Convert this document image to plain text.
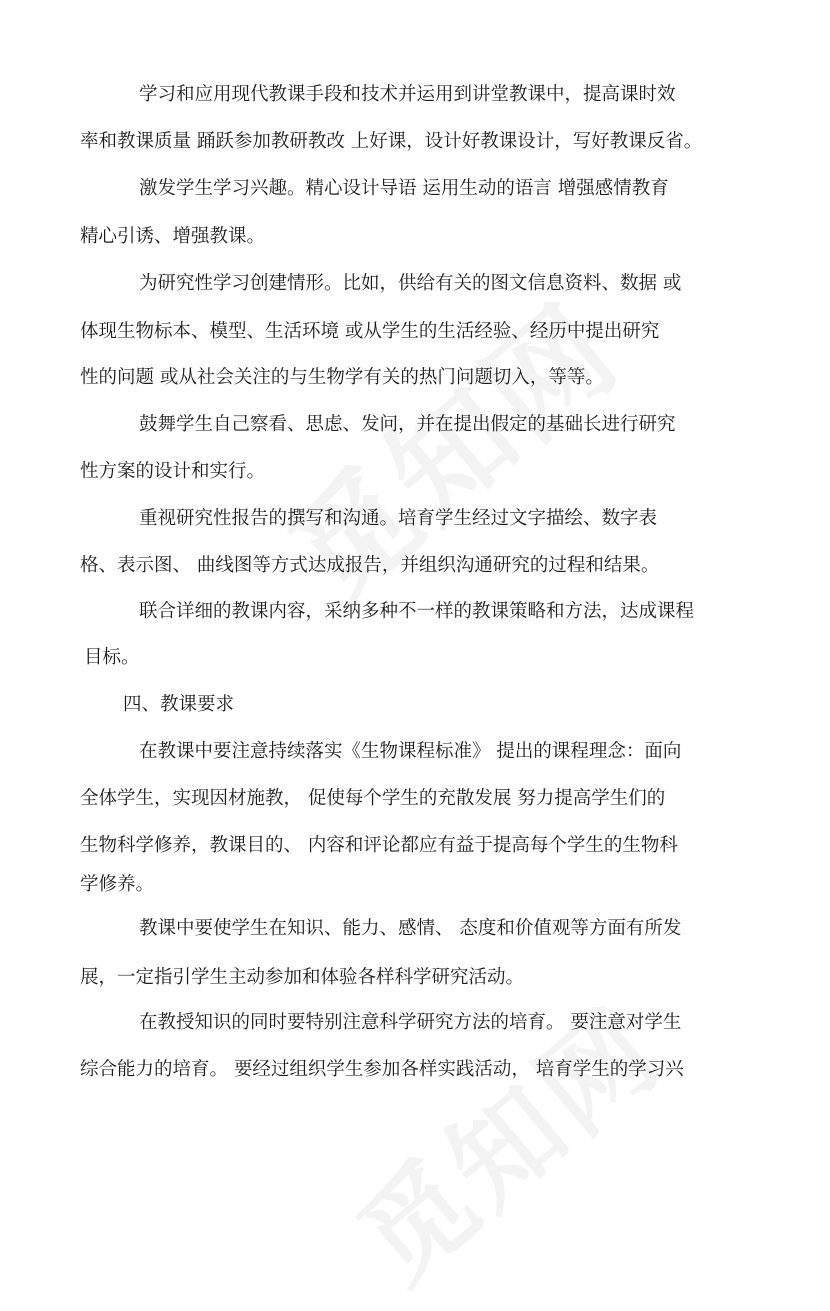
学习和应用现代教课手段和技术并运用到讲堂教课中，提高课时效

率和教课质量 踊跃参加教研教改 上好课，设计好教课设计，写好教课反省。

激发学生学习兴趣。精心设计导语 运用生动的语言 增强感情教育

精心引诱、增强教课。

为研究性学习创建情形。比如，供给有关的图文信息资料、数据 或

体现生物标本、模型、生活环境 或从学生的生活经验、经历中提出研究

性的问题 或从社会关注的与生物学有关的热门问题切入，等等。

鼓舞学生自己察看、思虑、发问，并在提出假定的基础长进行研究

性方案的设计和实行。

重视研究性报告的撰写和沟通。培育学生经过文字描绘、数字表

格、表示图、 曲线图等方式达成报告，并组织沟通研究的过程和结果。

联合详细的教课内容，采纳多种不一样的教课策略和方法，达成课程

目标。

四、教课要求

在教课中要注意持续落实《生物课程标准》 提出的课程理念：面向

全体学生，实现因材施教， 促使每个学生的充散发展 努力提高学生们的

生物科学修养，教课目的、 内容和评论都应有益于提高每个学生的生物科

学修养。

教课中要使学生在知识、能力、感情、 态度和价值观等方面有所发

展，一定指引学生主动参加和体验各样科学研究活动。

在教授知识的同时要特别注意科学研究方法的培育。 要注意对学生

综合能力的培育。 要经过组织学生参加各样实践活动， 培育学生的学习兴
